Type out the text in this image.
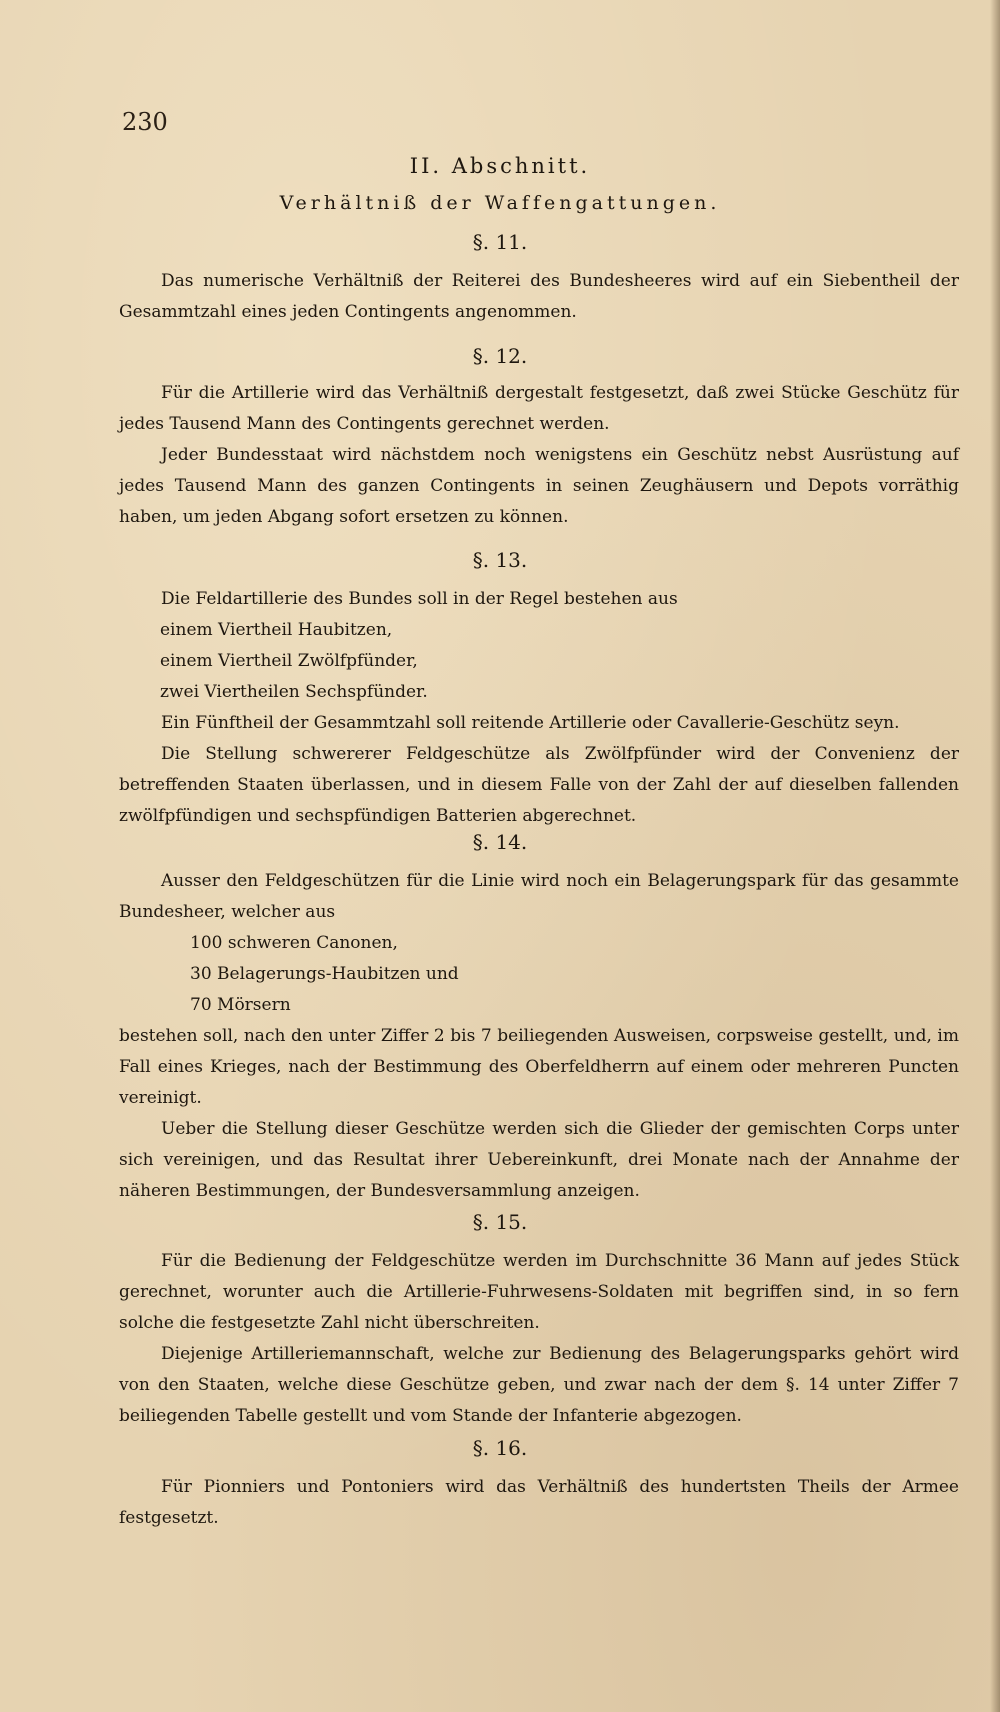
230
II. Abschnitt.
Verhältniß der Waffengattungen.
§. 11.
Das numerische Verhältniß der Reiterei des Bundesheeres wird auf ein Siebentheil der Gesammtzahl eines jeden Contingents angenommen.
§. 12.
Für die Artillerie wird das Verhältniß dergestalt festgesetzt, daß zwei Stücke Geschütz für jedes Tausend Mann des Contingents gerechnet werden.
Jeder Bundesstaat wird nächstdem noch wenigstens ein Geschütz nebst Ausrüstung auf jedes Tausend Mann des ganzen Contingents in seinen Zeughäusern und Depots vorräthig haben, um jeden Abgang sofort ersetzen zu können.
§. 13.
Die Feldartillerie des Bundes soll in der Regel bestehen aus
einem Viertheil Haubitzen,
einem Viertheil Zwölfpfünder,
zwei Viertheilen Sechspfünder.
Ein Fünftheil der Gesammtzahl soll reitende Artillerie oder Cavallerie-Geschütz seyn.
Die Stellung schwererer Feldgeschütze als Zwölfpfünder wird der Convenienz der betreffenden Staaten überlassen, und in diesem Falle von der Zahl der auf dieselben fallenden zwölfpfündigen und sechspfündigen Batterien abgerechnet.
§. 14.
Ausser den Feldgeschützen für die Linie wird noch ein Belagerungspark für das gesammte Bundesheer, welcher aus
100 schweren Canonen,
30 Belagerungs-Haubitzen und
70 Mörsern
bestehen soll, nach den unter Ziffer 2 bis 7 beiliegenden Ausweisen, corpsweise gestellt, und, im Fall eines Krieges, nach der Bestimmung des Oberfeldherrn auf einem oder mehreren Puncten vereinigt.
Ueber die Stellung dieser Geschütze werden sich die Glieder der gemischten Corps unter sich vereinigen, und das Resultat ihrer Uebereinkunft, drei Monate nach der Annahme der näheren Bestimmungen, der Bundesversammlung anzeigen.
§. 15.
Für die Bedienung der Feldgeschütze werden im Durchschnitte 36 Mann auf jedes Stück gerechnet, worunter auch die Artillerie-Fuhrwesens-Soldaten mit begriffen sind, in so fern solche die festgesetzte Zahl nicht überschreiten.
Diejenige Artilleriemannschaft, welche zur Bedienung des Belagerungsparks gehört wird von den Staaten, welche diese Geschütze geben, und zwar nach der dem §. 14 unter Ziffer 7 beiliegenden Tabelle gestellt und vom Stande der Infanterie abgezogen.
§. 16.
Für Pionniers und Pontoniers wird das Verhältniß des hundertsten Theils der Armee festgesetzt.
